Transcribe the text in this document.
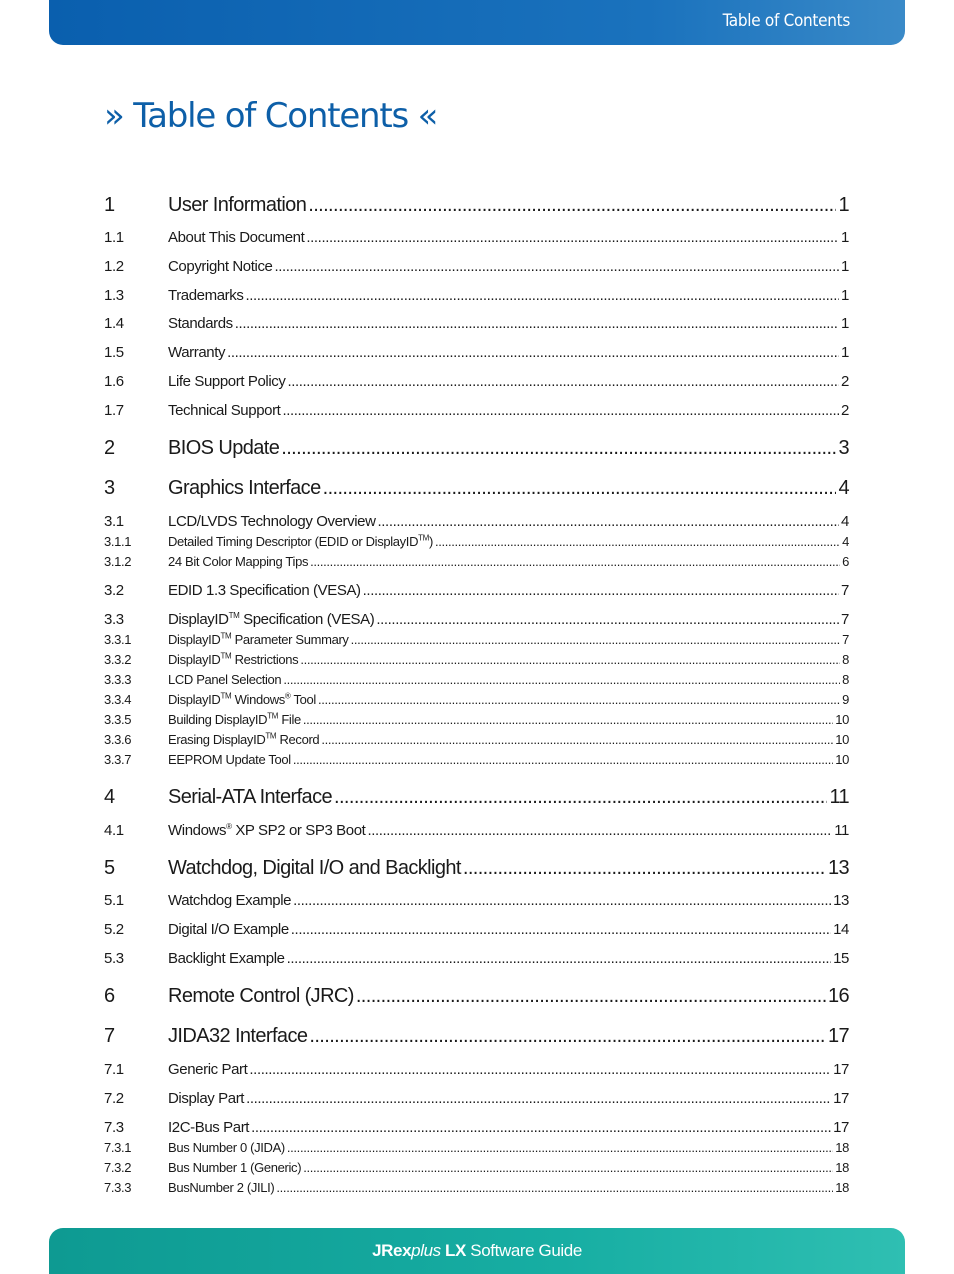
Table of Contents
» Table of Contents «
1	User Information .....	1
1.1	About This Document .....	1
1.2	Copyright Notice .....	1
1.3	Trademarks .....	1
1.4	Standards .....	1
1.5	Warranty .....	1
1.6	Life Support Policy .....	2
1.7	Technical Support .....	2
2	BIOS Update .....	3
3	Graphics Interface .....	4
3.1	LCD/LVDS Technology Overview .....	4
3.1.1	Detailed Timing Descriptor (EDID or DisplayID™) .....	4
3.1.2	24 Bit Color Mapping Tips .....	6
3.2	EDID 1.3 Specification (VESA) .....	7
3.3	DisplayID™ Specification (VESA) .....	7
3.3.1	DisplayID™ Parameter Summary .....	7
3.3.2	DisplayID™ Restrictions .....	8
3.3.3	LCD Panel Selection .....	8
3.3.4	DisplayID™ Windows® Tool .....	9
3.3.5	Building DisplayID™ File .....	10
3.3.6	Erasing DisplayID™ Record .....	10
3.3.7	EEPROM Update Tool .....	10
4	Serial-ATA Interface .....	11
4.1	Windows® XP SP2 or SP3 Boot .....	11
5	Watchdog, Digital I/O and Backlight .....	13
5.1	Watchdog Example .....	13
5.2	Digital I/O Example .....	14
5.3	Backlight Example .....	15
6	Remote Control (JRC) .....	16
7	JIDA32 Interface .....	17
7.1	Generic Part .....	17
7.2	Display Part .....	17
7.3	I2C-Bus Part .....	17
7.3.1	Bus Number 0 (JIDA) .....	18
7.3.2	Bus Number 1 (Generic) .....	18
7.3.3	BusNumber 2 (JILI) .....	18
JRexplus LX Software Guide
